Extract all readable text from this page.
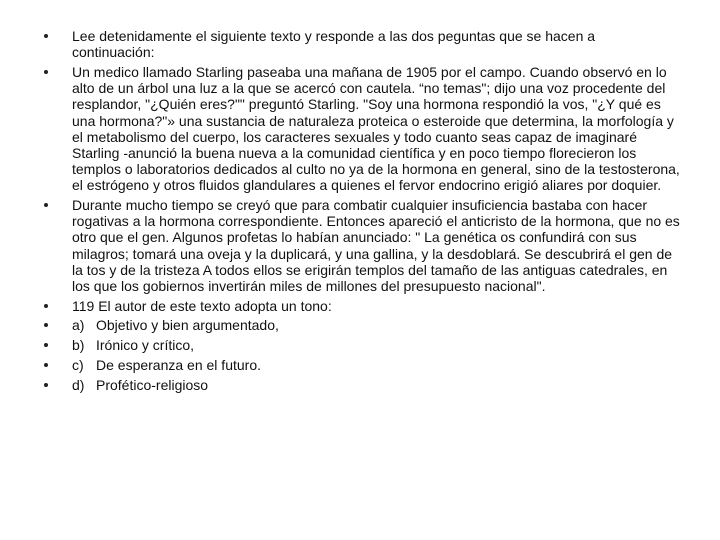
Lee detenidamente el siguiente texto y responde a las dos peguntas que se hacen a continuación:
Un medico llamado Starling paseaba una mañana de 1905 por el campo. Cuando observó en lo alto de un árbol una luz a la que se acercó con cautela. “no temas"; dijo una voz procedente del resplandor, "¿Quién eres?"" preguntó Starling. "Soy una hormona respondió la vos, "¿Y qué es una hormona?"» una sustancia de naturaleza proteica o esteroide que determina, la morfología y el metabolismo del cuerpo, los caracteres sexuales y todo cuanto seas capaz de imaginaré Starling -anunció la buena nueva a la comunidad científica y en poco tiempo florecieron los templos o laboratorios dedicados al culto no ya de la hormona en general, sino de la testosterona, el estrógeno y otros fluidos glandulares a quienes el fervor endocrino erigió aliares por doquier.
Durante mucho tiempo se creyó que para combatir cualquier insuficiencia bastaba con hacer rogativas a la hormona correspondiente. Entonces apareció el anticristo de la hormona, que no es otro que el gen. Algunos profetas lo habían anunciado: " La genética os confundirá con sus milagros; tomará una oveja y la duplicará, y una gallina, y la desdoblará. Se descubrirá el gen de la tos y de la tristeza A todos ellos se erigirán templos del tamaño de las antiguas catedrales, en los que los gobiernos invertirán miles de millones del presupuesto nacional".
119 El autor de este texto adopta un tono:
a) Objetivo y bien argumentado,
b) Irónico y crítico,
c) De esperanza en el futuro.
d) Profético-religioso
